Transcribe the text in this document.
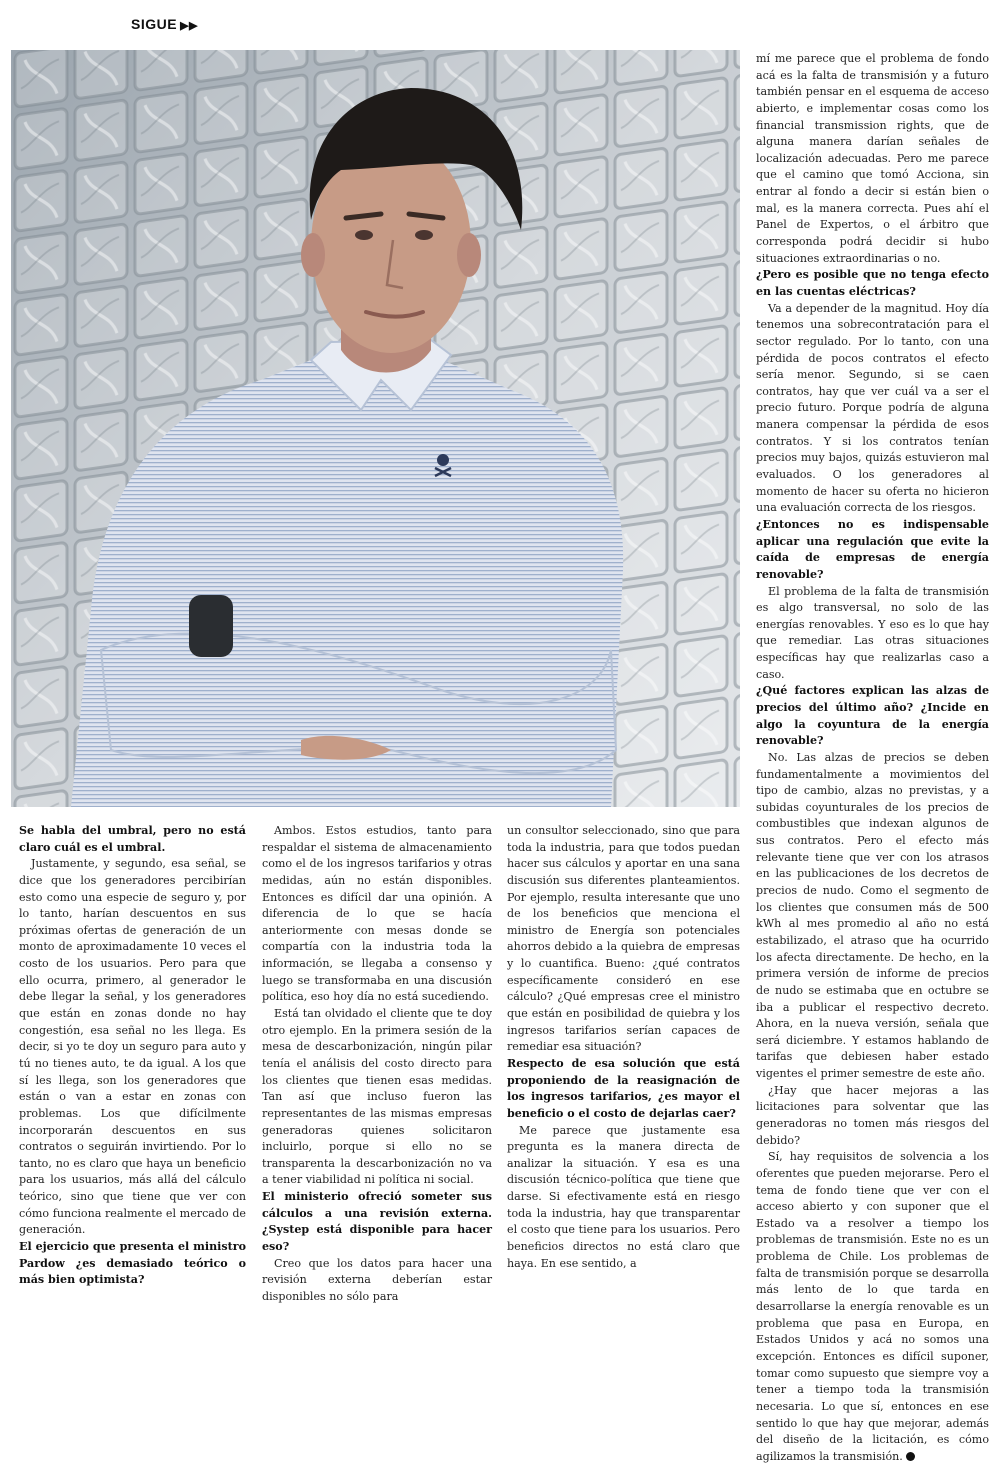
SIGUE ▶▶

mí me parece que el problema de fondo acá es la falta de transmisión y a futuro también pensar en el esquema de acceso abierto, e implementar cosas como los financial transmission rights, que de alguna manera darían señales de localización adecuadas. Pero me parece que el camino que tomó Acciona, sin entrar al fondo a decir si están bien o mal, es la manera correcta. Pues ahí el Panel de Expertos, o el árbitro que corresponda podrá decidir si hubo situaciones extraordinarias o no.

¿Pero es posible que no tenga efecto en las cuentas eléctricas?

Va a depender de la magnitud. Hoy día tenemos una sobrecontratación para el sector regulado. Por lo tanto, con una pérdida de pocos contratos el efecto sería menor. Segundo, si se caen contratos, hay que ver cuál va a ser el precio futuro. Porque podría de alguna manera compensar la pérdida de esos contratos. Y si los contratos tenían precios muy bajos, quizás estuvieron mal evaluados. O los generadores al momento de hacer su oferta no hicieron una evaluación correcta de los riesgos.

¿Entonces no es indispensable aplicar una regulación que evite la caída de empresas de energía renovable?

El problema de la falta de transmisión es algo transversal, no solo de las energías renovables. Y eso es lo que hay que remediar. Las otras situaciones específicas hay que realizarlas caso a caso.

¿Qué factores explican las alzas de precios del último año? ¿Incide en algo la coyuntura de la energía renovable?

No. Las alzas de precios se deben fundamentalmente a movimientos del tipo de cambio, alzas no previstas, y a subidas coyunturales de los precios de combustibles que indexan algunos de sus contratos. Pero el efecto más relevante tiene que ver con los atrasos en las publicaciones de los decretos de precios de nudo. Como el segmento de los clientes que consumen más de 500 kWh al mes promedio al año no está estabilizado, el atraso que ha ocurrido los afecta directamente. De hecho, en la primera versión de informe de precios de nudo se estimaba que en octubre se iba a publicar el respectivo decreto. Ahora, en la nueva versión, señala que será diciembre. Y estamos hablando de tarifas que debiesen haber estado vigentes el primer semestre de este año.

¿Hay que hacer mejoras a las licitaciones para solventar que las generadoras no tomen más riesgos del debido?

Sí, hay requisitos de solvencia a los oferentes que pueden mejorarse. Pero el tema de fondo tiene que ver con el acceso abierto y con suponer que el Estado va a resolver a tiempo los problemas de transmisión. Este no es un problema de Chile. Los problemas de falta de transmisión porque se desarrolla más lento de lo que tarda en desarrollarse la energía renovable es un problema que pasa en Europa, en Estados Unidos y acá no somos una excepción. Entonces es difícil suponer, tomar como supuesto que siempre voy a tener a tiempo toda la transmisión necesaria. Lo que sí, entonces en ese sentido lo que hay que mejorar, además del diseño de la licitación, es cómo agilizamos la transmisión.

Se habla del umbral, pero no está claro cuál es el umbral.

Justamente, y segundo, esa señal, se dice que los generadores percibirían esto como una especie de seguro y, por lo tanto, harían descuentos en sus próximas ofertas de generación de un monto de aproximadamente 10 veces el costo de los usuarios. Pero para que ello ocurra, primero, al generador le debe llegar la señal, y los generadores que están en zonas donde no hay congestión, esa señal no les llega. Es decir, si yo te doy un seguro para auto y tú no tienes auto, te da igual. A los que sí les llega, son los generadores que están o van a estar en zonas con problemas. Los que difícilmente incorporarán descuentos en sus contratos o seguirán invirtiendo. Por lo tanto, no es claro que haya un beneficio para los usuarios, más allá del cálculo teórico, sino que tiene que ver con cómo funciona realmente el mercado de generación.

El ejercicio que presenta el ministro Pardow ¿es demasiado teórico o más bien optimista?

Ambos. Estos estudios, tanto para respaldar el sistema de almacenamiento como el de los ingresos tarifarios y otras medidas, aún no están disponibles. Entonces es difícil dar una opinión. A diferencia de lo que se hacía anteriormente con mesas donde se compartía con la industria toda la información, se llegaba a consenso y luego se transformaba en una discusión política, eso hoy día no está sucediendo.

Está tan olvidado el cliente que te doy otro ejemplo. En la primera sesión de la mesa de descarbonización, ningún pilar tenía el análisis del costo directo para los clientes que tienen esas medidas. Tan así que incluso fueron las representantes de las mismas empresas generadoras quienes solicitaron incluirlo, porque si ello no se transparenta la descarbonización no va a tener viabilidad ni política ni social.

El ministerio ofreció someter sus cálculos a una revisión externa. ¿Systep está disponible para hacer eso?

Creo que los datos para hacer una revisión externa deberían estar disponibles no sólo para

un consultor seleccionado, sino que para toda la industria, para que todos puedan hacer sus cálculos y aportar en una sana discusión sus diferentes planteamientos. Por ejemplo, resulta interesante que uno de los beneficios que menciona el ministro de Energía son potenciales ahorros debido a la quiebra de empresas y lo cuantifica. Bueno: ¿qué contratos específicamente consideró en ese cálculo? ¿Qué empresas cree el ministro que están en posibilidad de quiebra y los ingresos tarifarios serían capaces de remediar esa situación?

Respecto de esa solución que está proponiendo de la reasignación de los ingresos tarifarios, ¿es mayor el beneficio o el costo de dejarlas caer?

Me parece que justamente esa pregunta es la manera directa de analizar la situación. Y esa es una discusión técnico-política que tiene que darse. Si efectivamente está en riesgo toda la industria, hay que transparentar el costo que tiene para los usuarios. Pero beneficios directos no está claro que haya. En ese sentido, a
